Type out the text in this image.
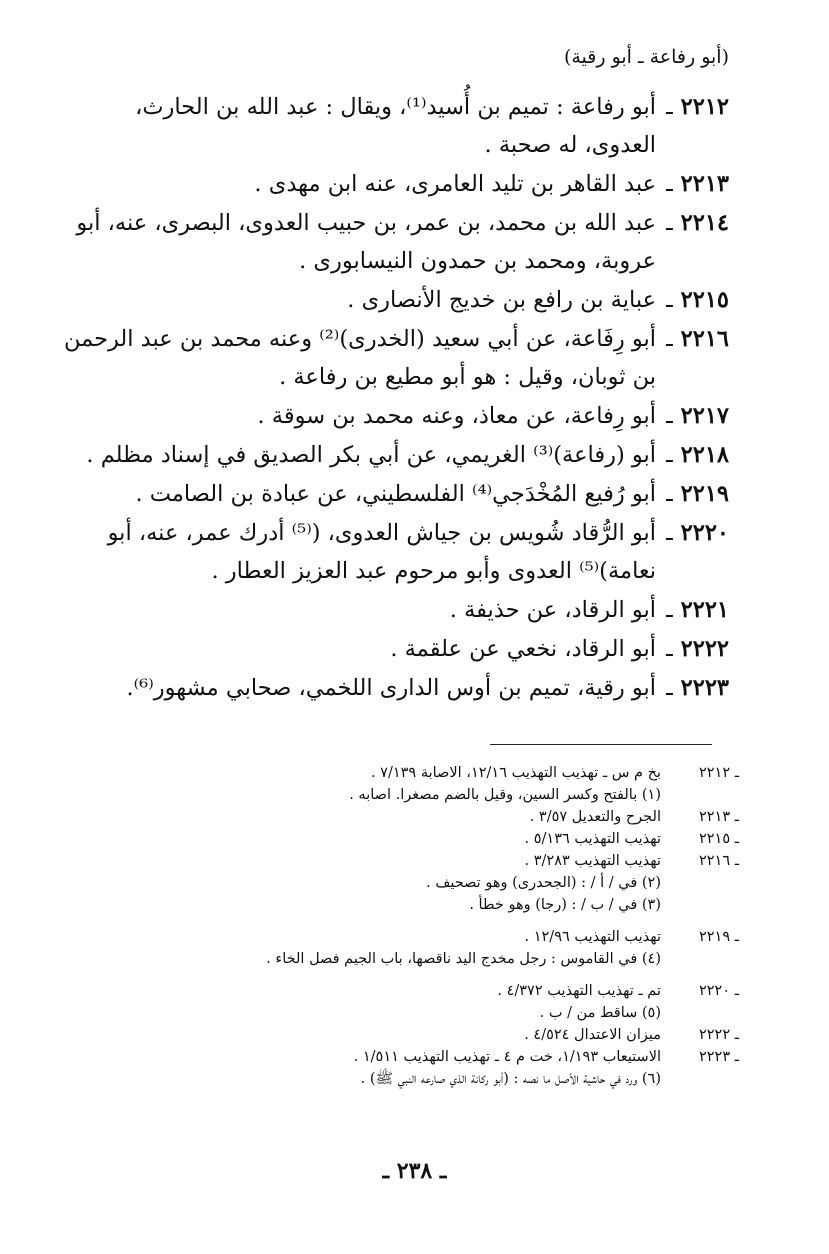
(أبو رفاعة ـ أبو رقية)
٢٢١٢
ـ
أبو رفاعة : تميم بن أُسيد⁽¹⁾، ويقال : عبد الله بن الحارث، العدوى، له صحبة .
٢٢١٣
ـ
عبد القاهر بن تليد العامرى، عنه ابن مهدى .
٢٢١٤
ـ
عبد الله بن محمد، بن عمر، بن حبيب العدوى، البصرى، عنه، أبو عروبة، ومحمد بن حمدون النيسابورى .
٢٢١٥
ـ
عباية بن رافع بن خديج الأنصارى .
٢٢١٦
ـ
أبو رِفَاعة، عن أبي سعيد (الخدرى)⁽²⁾ وعنه محمد بن عبد الرحمن بن ثوبان، وقيل : هو أبو مطيع بن رفاعة .
٢٢١٧
ـ
أبو رِفاعة، عن معاذ، وعنه محمد بن سوقة .
٢٢١٨
ـ
أبو (رفاعة)⁽³⁾ الغريمي، عن أبي بكر الصديق في إسناد مظلم .
٢٢١٩
ـ
أبو رُفيع المُخْدَجي⁽⁴⁾ الفلسطيني، عن عبادة بن الصامت .
٢٢٢٠
ـ
أبو الرُّقاد شُويس بن جياش العدوى، (⁽⁵⁾ أدرك عمر، عنه، أبو نعامة)⁽⁵⁾ العدوى وأبو مرحوم عبد العزيز العطار .
٢٢٢١
ـ
أبو الرقاد، عن حذيفة .
٢٢٢٢
ـ
أبو الرقاد، نخعي عن علقمة .
٢٢٢٣
ـ
أبو رقية، تميم بن أوس الدارى اللخمي، صحابي مشهور⁽⁶⁾.
ـ ٢٢١٢
بخ م س ـ تهذيب التهذيب ١٢/١٦، الاصابة ٧/١٣٩ .
(١) بالفتح وكسر السين، وقيل بالضم مصغرا. اصابه .
ـ ٢٢١٣
الجرح والتعديل ٣/٥٧ .
ـ ٢٢١٥
تهذيب التهذيب ٥/١٣٦ .
ـ ٢٢١٦
تهذيب التهذيب ٣/٢٨٣ .
(٢) في / أ / : (الجحدرى) وهو تصحيف .
(٣) في / ب / : (رجا) وهو خطأ .
ـ ٢٢١٩
تهذيب التهذيب ١٢/٩٦ .
(٤) في القاموس : رجل مخدج اليد ناقصها، باب الجيم فصل الخاء .
ـ ٢٢٢٠
تم ـ تهذيب التهذيب ٤/٣٧٢ .
(٥) ساقط من / ب .
ـ ٢٢٢٢
ميزان الاعتدال ٤/٥٢٤ .
ـ ٢٢٢٣
الاستيعاب ١/١٩٣، خت م ٤ ـ تهذيب التهذيب ١/٥١١ .
(٦) ورد في حاشية الأصل ما نصه : (أبو ركانة الذي صارعه النبي ﷺ) .
ـ ٢٣٨ ـ
